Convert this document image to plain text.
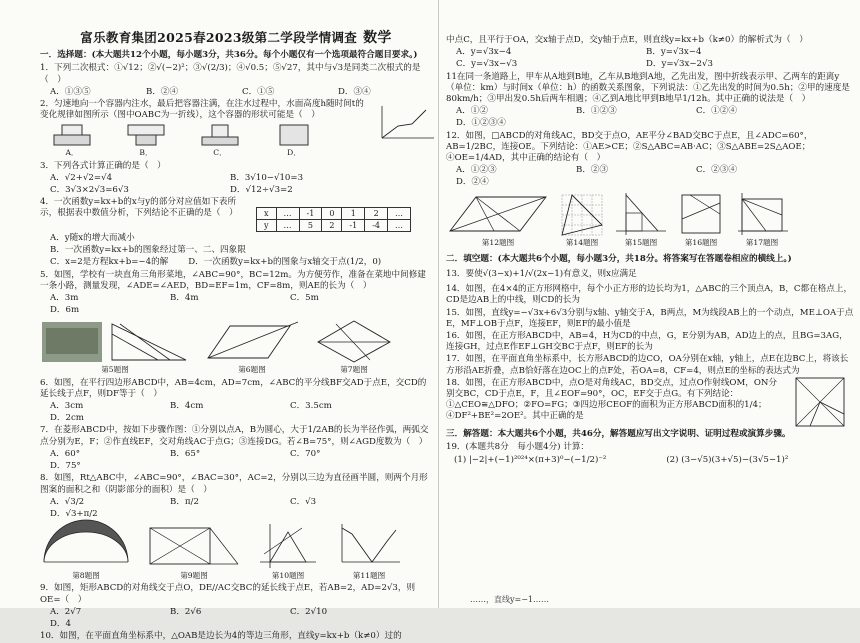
富乐教育集团2025春2023级第二学段学情调查 数学
一．选择题：(本大题共12个小题，每小题3分，共36分。每个小题仅有一个选项最符合题目要求。)
1．下列二次根式：①√12；②√(−2)²；③√(2/3)；④√0.5；⑤√27，其中与√3是同类二次根式的是（　）
A．①③⑤	B．②④	C．①⑤	D．③④
2．匀速地向一个容器内注水，最后把容器注满，在注水过程中，水面高度h随时间t的变化规律如图所示（图中OABC为一折线），这个容器的形状可能是（　）
A．	B．	C．	D．
3．下列各式计算正确的是（　）
A．√2+√2=√4	B．3√10−√10=3
C．3√3×2√3=6√3	D．√12÷√3=2
4．一次函数y=kx+b的x与y的部分对应值如下表所示，根据表中数值分析，下列结论不正确的是（　）	x	…	-1	0	1	2	…
y	…	5	2	-1	-4	…
A．y随x的增大而减小
B．一次函数y=kx+b的图象经过第一、二、四象限
C．x=2是方程kx+b=−4的解 D．一次函数y=kx+b的图象与x轴交于点(1/2，0)
5．如图，学校有一块直角三角形菜地，∠ABC=90°，BC=12m。为方便劳作，准备在菜地中间修建一条小路，测量发现，∠ADE=∠AED，BD=EF=1m，CF=8m，则AE的长为（　）
A．3m	B．4m	C．5m
D．6m
第5题图	第6题图	第7题图
6．如图，在平行四边形ABCD中，AB=4cm，AD=7cm，∠ABC的平分线BF交AD于点E，交CD的延长线于点F，则DF等于（　）
A．3cm	B．4cm	C．3.5cm
D．2cm
7．在菱形ABCD中，按如下步骤作图：①分别以点A，B为圆心，大于1/2AB的长为半径作弧，两弧交点分别为E，F；②作直线EF，交对角线AC于点G；③连接DG。若∠B=75°，则∠AGD度数为（　）
A．60°	B．65°	C．70°
D．75°
8．如图，Rt△ABC中，∠ABC=90°，∠BAC=30°，AC=2，分别以三边为直径画半圆，则两个月形图案的面积之和（阴影部分的面积）是（　）
A．√3/2	B．π/2	C．√3
D．√3+π/2
第8题图	第9题图	第10题图	第11题图
9．如图，矩形ABCD的对角线交于点O，DE//AC交BC的延长线于点E，若AB=2，AD=2√3，则OE=（　）
A．2√7	B．2√6	C．2√10
D．4
10．如图，在平面直角坐标系中，△OAB是边长为4的等边三角形，直线y=kx+b（k≠0）过的
中点C，且平行于OA，交x轴于点D，交y轴于点E，则直线y=kx+b（k≠0）的解析式为（　）
A．y=√3x−4	B．y=√3x−4
C．y=√3x−√3	D．y=√3x−2√3
11在同一条道路上，甲车从A地到B地，乙车从B地到A地，乙先出发，图中折线表示甲、乙两车的距离y（单位：km）与时间x（单位：h）的函数关系图象，下列说法：①乙先出发的时间为0.5h；②甲的速度是80km/h；③甲出发0.5h后两车相遇；④乙到A地比甲到B地早1/12h。其中正确的说法是（　）
A．①②	B．①②③	C．①②④
D．①②③④
12．如图，□ABCD的对角线AC，BD交于点O，AE平分∠BAD交BC于点E，且∠ADC=60°，AB=1/2BC，连接OE。下列结论：①AE>CE；②S△ABC=AB·AC；③S△ABE=2S△AOE；④OE=1/4AD，其中正确的结论有（　）
A．①②③	B．②③	C．②③④
D．②④
第12题图	第14题图	第15题图	第16题图	第17题图
二．填空题：(本大题共6个小题，每小题3分，共18分。将答案写在答题卷相应的横线上。)
13．要使√(3−x)+1/√(2x−1)有意义，则x应满足
14．如图，在4×4的正方形网格中，每个小正方形的边长均为1，△ABC的三个顶点A，B，C都在格点上，CD是边AB上的中线，则CD的长为
15．如图，直线y=−√3x+6√3分别与x轴、y轴交于A，B两点，M为线段AB上的一个动点，ME⊥OA于点E，MF⊥OB于点F，连接EF，则EF的最小值是
16．如图，在正方形ABCD中，AB=4，H为CD的中点，G，E分别为AB，AD边上的点，且BG=3AG，连接GH，过点E作EF⊥GH交BC于点F，则EF的长为
17．如图，在平面直角坐标系中，长方形ABCD的边CO，OA分别在x轴，y轴上，点E在边BC上，将该长方形沿AE折叠，点B恰好落在边OC上的点F处，若OA=8，CF=4，则点E的坐标的表达式为
18．如图，在正方形ABCD中，点O是对角线AC，BD交点，过点O作射线OM，ON分别交BC，CD于点E，F，且∠EOF=90°，OC，EF交于点G。有下列结论：①△CEO≅△DFO；②FO=FG；③四边形CEOF的面积为正方形ABCD面积的1/4；④DF²+BE²=2OE²。其中正确的是
三．解答题：本大题共6个小题，共46分，解答题应写出文字说明、证明过程或演算步骤。
19．(本题共8分　每小题4分) 计算：
(1) |−2|+(−1)²⁰²⁴×(π+3)⁰−(−1/2)⁻²	(2) (3−√5)(3+√5)−(3√5−1)²
……，直线y=−1……
